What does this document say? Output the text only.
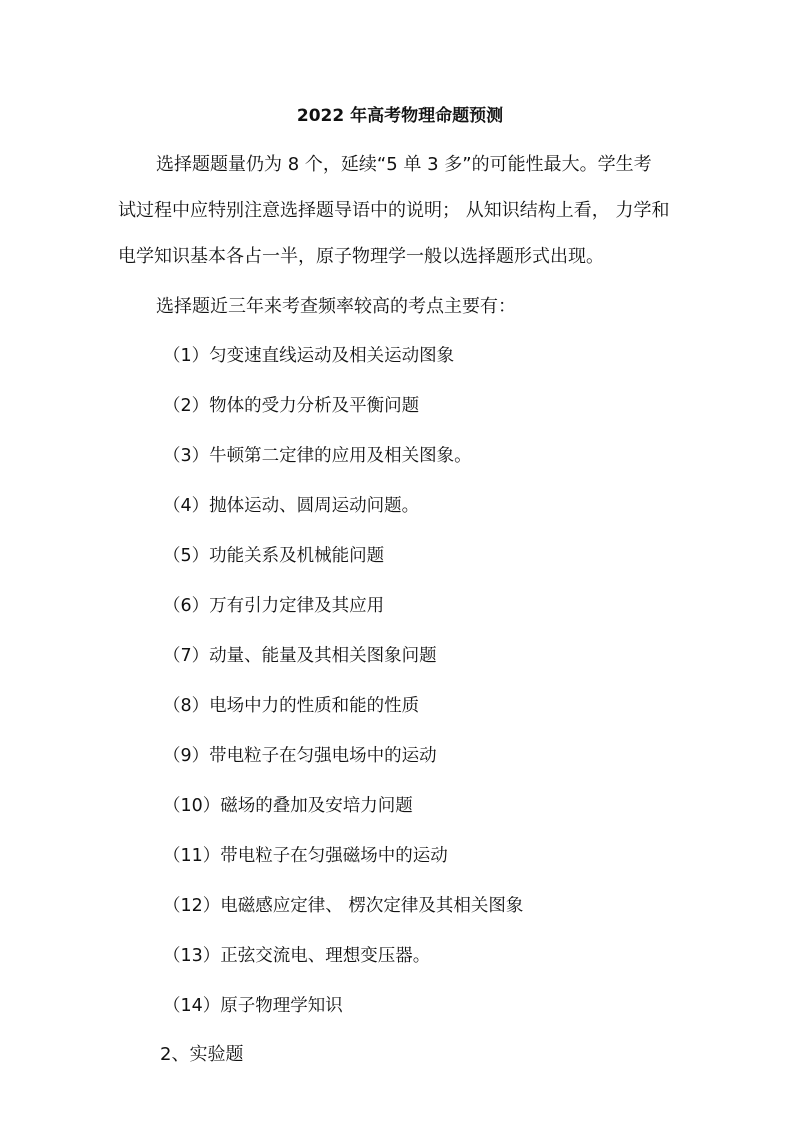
2022 年高考物理命题预测
选择题题量仍为 8 个，延续“5 单 3 多”的可能性最大。学生考
试过程中应特别注意选择题导语中的说明； 从知识结构上看， 力学和
电学知识基本各占一半，原子物理学一般以选择题形式出现。
选择题近三年来考查频率较高的考点主要有：
（1）匀变速直线运动及相关运动图象
（2）物体的受力分析及平衡问题
（3）牛顿第二定律的应用及相关图象。
（4）抛体运动、圆周运动问题。
（5）功能关系及机械能问题
（6）万有引力定律及其应用
（7）动量、能量及其相关图象问题
（8）电场中力的性质和能的性质
（9）带电粒子在匀强电场中的运动
（10）磁场的叠加及安培力问题
（11）带电粒子在匀强磁场中的运动
（12）电磁感应定律、 楞次定律及其相关图象
（13）正弦交流电、理想变压器。
（14）原子物理学知识
2、实验题
